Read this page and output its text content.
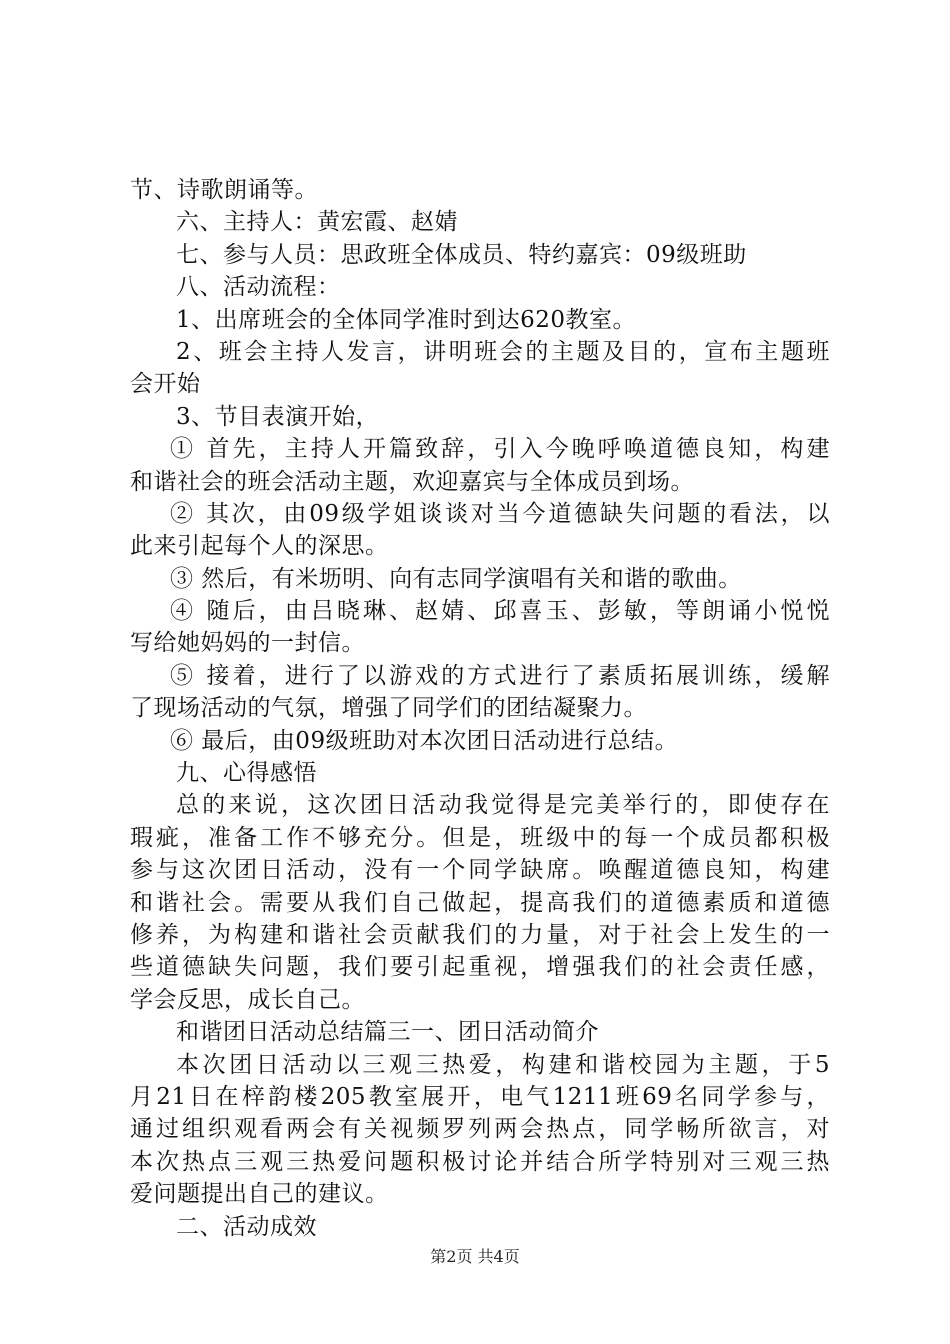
节、诗歌朗诵等。
六、主持人：黄宏霞、赵婧
七、参与人员：思政班全体成员、特约嘉宾：09级班助
八、活动流程：
1、出席班会的全体同学准时到达620教室。
2、班会主持人发言，讲明班会的主题及目的，宣布主题班
会开始
3、节目表演开始，
① 首先，主持人开篇致辞，引入今晚呼唤道德良知，构建
和谐社会的班会活动主题，欢迎嘉宾与全体成员到场。
② 其次，由09级学姐谈谈对当今道德缺失问题的看法，以
此来引起每个人的深思。
③ 然后，有米坜明、向有志同学演唱有关和谐的歌曲。
④ 随后，由吕晓琳、赵婧、邱喜玉、彭敏，等朗诵小悦悦
写给她妈妈的一封信。
⑤ 接着，进行了以游戏的方式进行了素质拓展训练，缓解
了现场活动的气氛，增强了同学们的团结凝聚力。
⑥ 最后，由09级班助对本次团日活动进行总结。
九、心得感悟
总的来说，这次团日活动我觉得是完美举行的，即使存在
瑕疵，准备工作不够充分。但是，班级中的每一个成员都积极
参与这次团日活动，没有一个同学缺席。唤醒道德良知，构建
和谐社会。需要从我们自己做起，提高我们的道德素质和道德
修养，为构建和谐社会贡献我们的力量，对于社会上发生的一
些道德缺失问题，我们要引起重视，增强我们的社会责任感，
学会反思，成长自己。
和谐团日活动总结篇三一、团日活动简介
本次团日活动以三观三热爱，构建和谐校园为主题，于5
月21日在梓韵楼205教室展开，电气1211班69名同学参与，
通过组织观看两会有关视频罗列两会热点，同学畅所欲言，对
本次热点三观三热爱问题积极讨论并结合所学特别对三观三热
爱问题提出自己的建议。
二、活动成效
第2页 共4页
